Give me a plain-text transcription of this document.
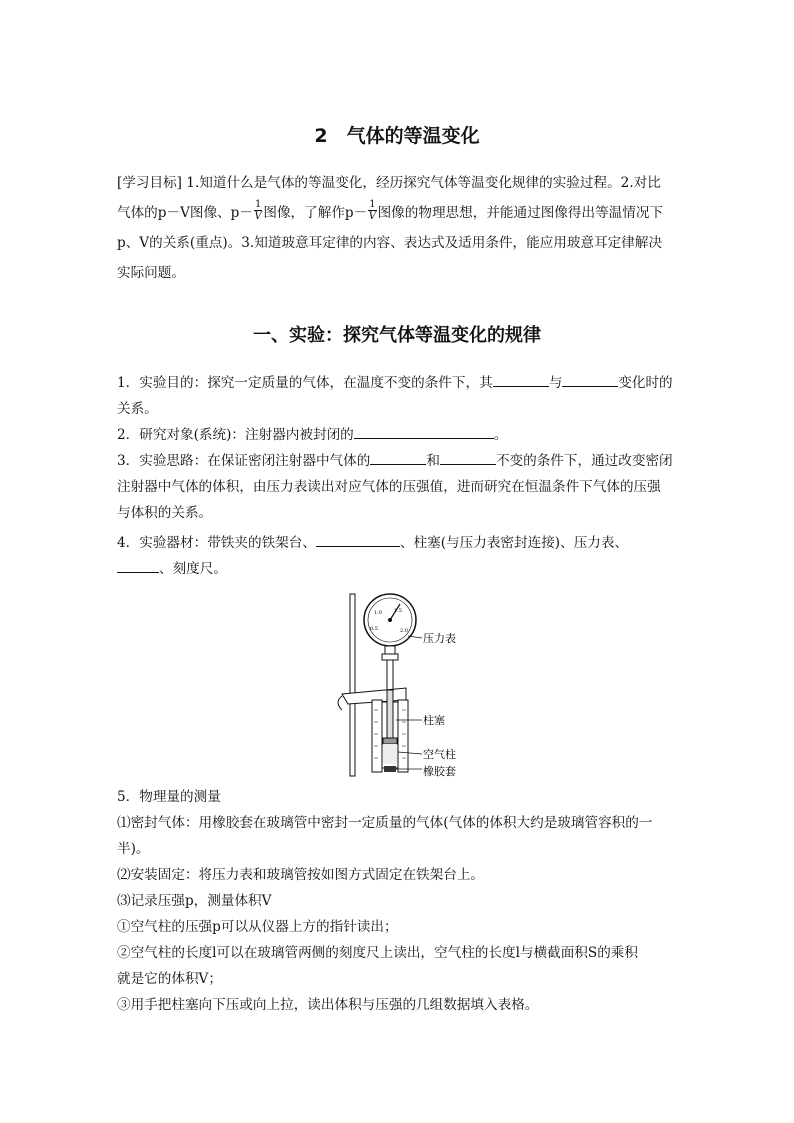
2　气体的等温变化
[学习目标] 1.知道什么是气体的等温变化，经历探究气体等温变化规律的实验过程。2.对比
气体的p－V图像、$p- \frac{1}{V}$ 图像，了解作$p- \frac{1}{V}$ 图像的物理思想，并能通过图像得出等温情况下
p、V的关系(重点)。3.知道玻意耳定律的内容、表达式及适用条件，能应用玻意耳定律解决
实际问题。
一、实验：探究气体等温变化的规律
1．实验目的：探究一定质量的气体，在温度不变的条件下，其	与	变化时的
关系。
2．研究对象(系统)：注射器内被封闭的	。
3．实验思路：在保证密闭注射器中气体的	和	不变的条件下，通过改变密闭
注射器中气体的体积，由压力表读出对应气体的压强值，进而研究在恒温条件下气体的压强
与体积的关系。
4．实验器材：带铁夹的铁架台、	、柱塞(与压力表密封连接)、压力表、
、刻度尺。
0.5
1.0 1.5
2.0
压力表
柱塞
空气柱
橡胶套
5．物理量的测量
⑴密封气体：用橡胶套在玻璃管中密封一定质量的气体(气体的体积大约是玻璃管容积的一
半)。
⑵安装固定：将压力表和玻璃管按如图方式固定在铁架台上。
⑶记录压强p，测量体积V
①空气柱的压强p可以从仪器上方的指针读出；
②空气柱的长度l可以在玻璃管两侧的刻度尺上读出，空气柱的长度l与横截面积S的乘积
就是它的体积V；
③用手把柱塞向下压或向上拉，读出体积与压强的几组数据填入表格。
